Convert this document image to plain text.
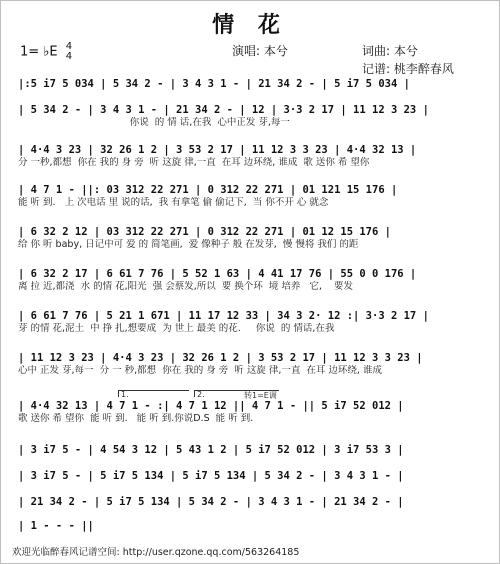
情 花
1= ♭E 4
4	演唱: 本兮	词曲: 本兮
记谱: 桃李醉春风
|:5 i7 5 034 | 5 34 2 - | 3 4 3 1 - | 21 34 2 - | 5 i7 5 034 |
| 5 34 2 - | 3 4 3 1 - | 21 34 2 - | 12 | 3·3 2 17 | 11 12 3 23 |
你说  的 情 话,在我  心中正发 芽,每一
| 4·4 3 23 | 32 26 1 2 | 3 53 2 17 | 11 12 3 3 23 | 4·4 32 13 |
分 一秒,都想  你在 我的 身 旁  听 这旋 律,一直  在耳 边环绕, 谁成  歌 送你 希 望你
| 4 7 1 - ||: 03 312 22 271 | 0 312 22 271 | 01 121 15 176 |
能 听 到.   上 次电话 里 说的话,  我 有拿笔 偷 偷记下,  当 你不开 心 就念
| 6 32 2 12 | 03 312 22 271 | 0 312 22 271 | 01 12 15 176 |
给 你 听 baby, 日记中可 爱 的 简笔画,  爱 像种子 般 在发芽,  慢 慢将 我们 的距
| 6 32 2 17 | 6 61 7 76 | 5 52 1 63 | 4 41 17 76 | 55 0 0 176 |
离 拉 近,都浇  水 的情 花,阳光  强 会蔡发,所以  要 换个环  境 培养   它,    要发
| 6 61 7 76 | 5 21 1 671 | 11 17 12 33 | 34 3 2· 12 :| 3·3 2 17 |
芽 的情 花,泥土  中 挣 扎,想要成  为 世上 最美 的花.     你说  的 情话,在我
| 11 12 3 23 | 4·4 3 23 | 32 26 1 2 | 3 53 2 17 | 11 12 3 3 23 |
心中 正发 芽,每一  分 一 秒,都想  你在 我的 身 旁  听 这旋 律,一直  在耳 边环绕, 谁成
1.	2.	转1=E调
| 4·4 32 13 | 4 7 1 - :| 4 7 1 12 || 4 7 1 - || 5 i7 52 012 |
歌 送你 希 望你  能 听 到.   能 听 到.你说D.S  能 听 到.
| 3 i7 5 - | 4 54 3 12 | 5 43 1 2 | 5 i7 52 012 | 3 i7 53 3 |
| 3 i7 5 - | 5 i7 5 134 | 5 i7 5 134 | 5 34 2 - | 3 4 3 1 - |
| 21 34 2 - | 5 i7 5 134 | 5 34 2 - | 3 4 3 1 - | 21 34 2 - |
| 1 - - - ||
欢迎光临醉春风记谱空间: http://user.qzone.qq.com/563264185
